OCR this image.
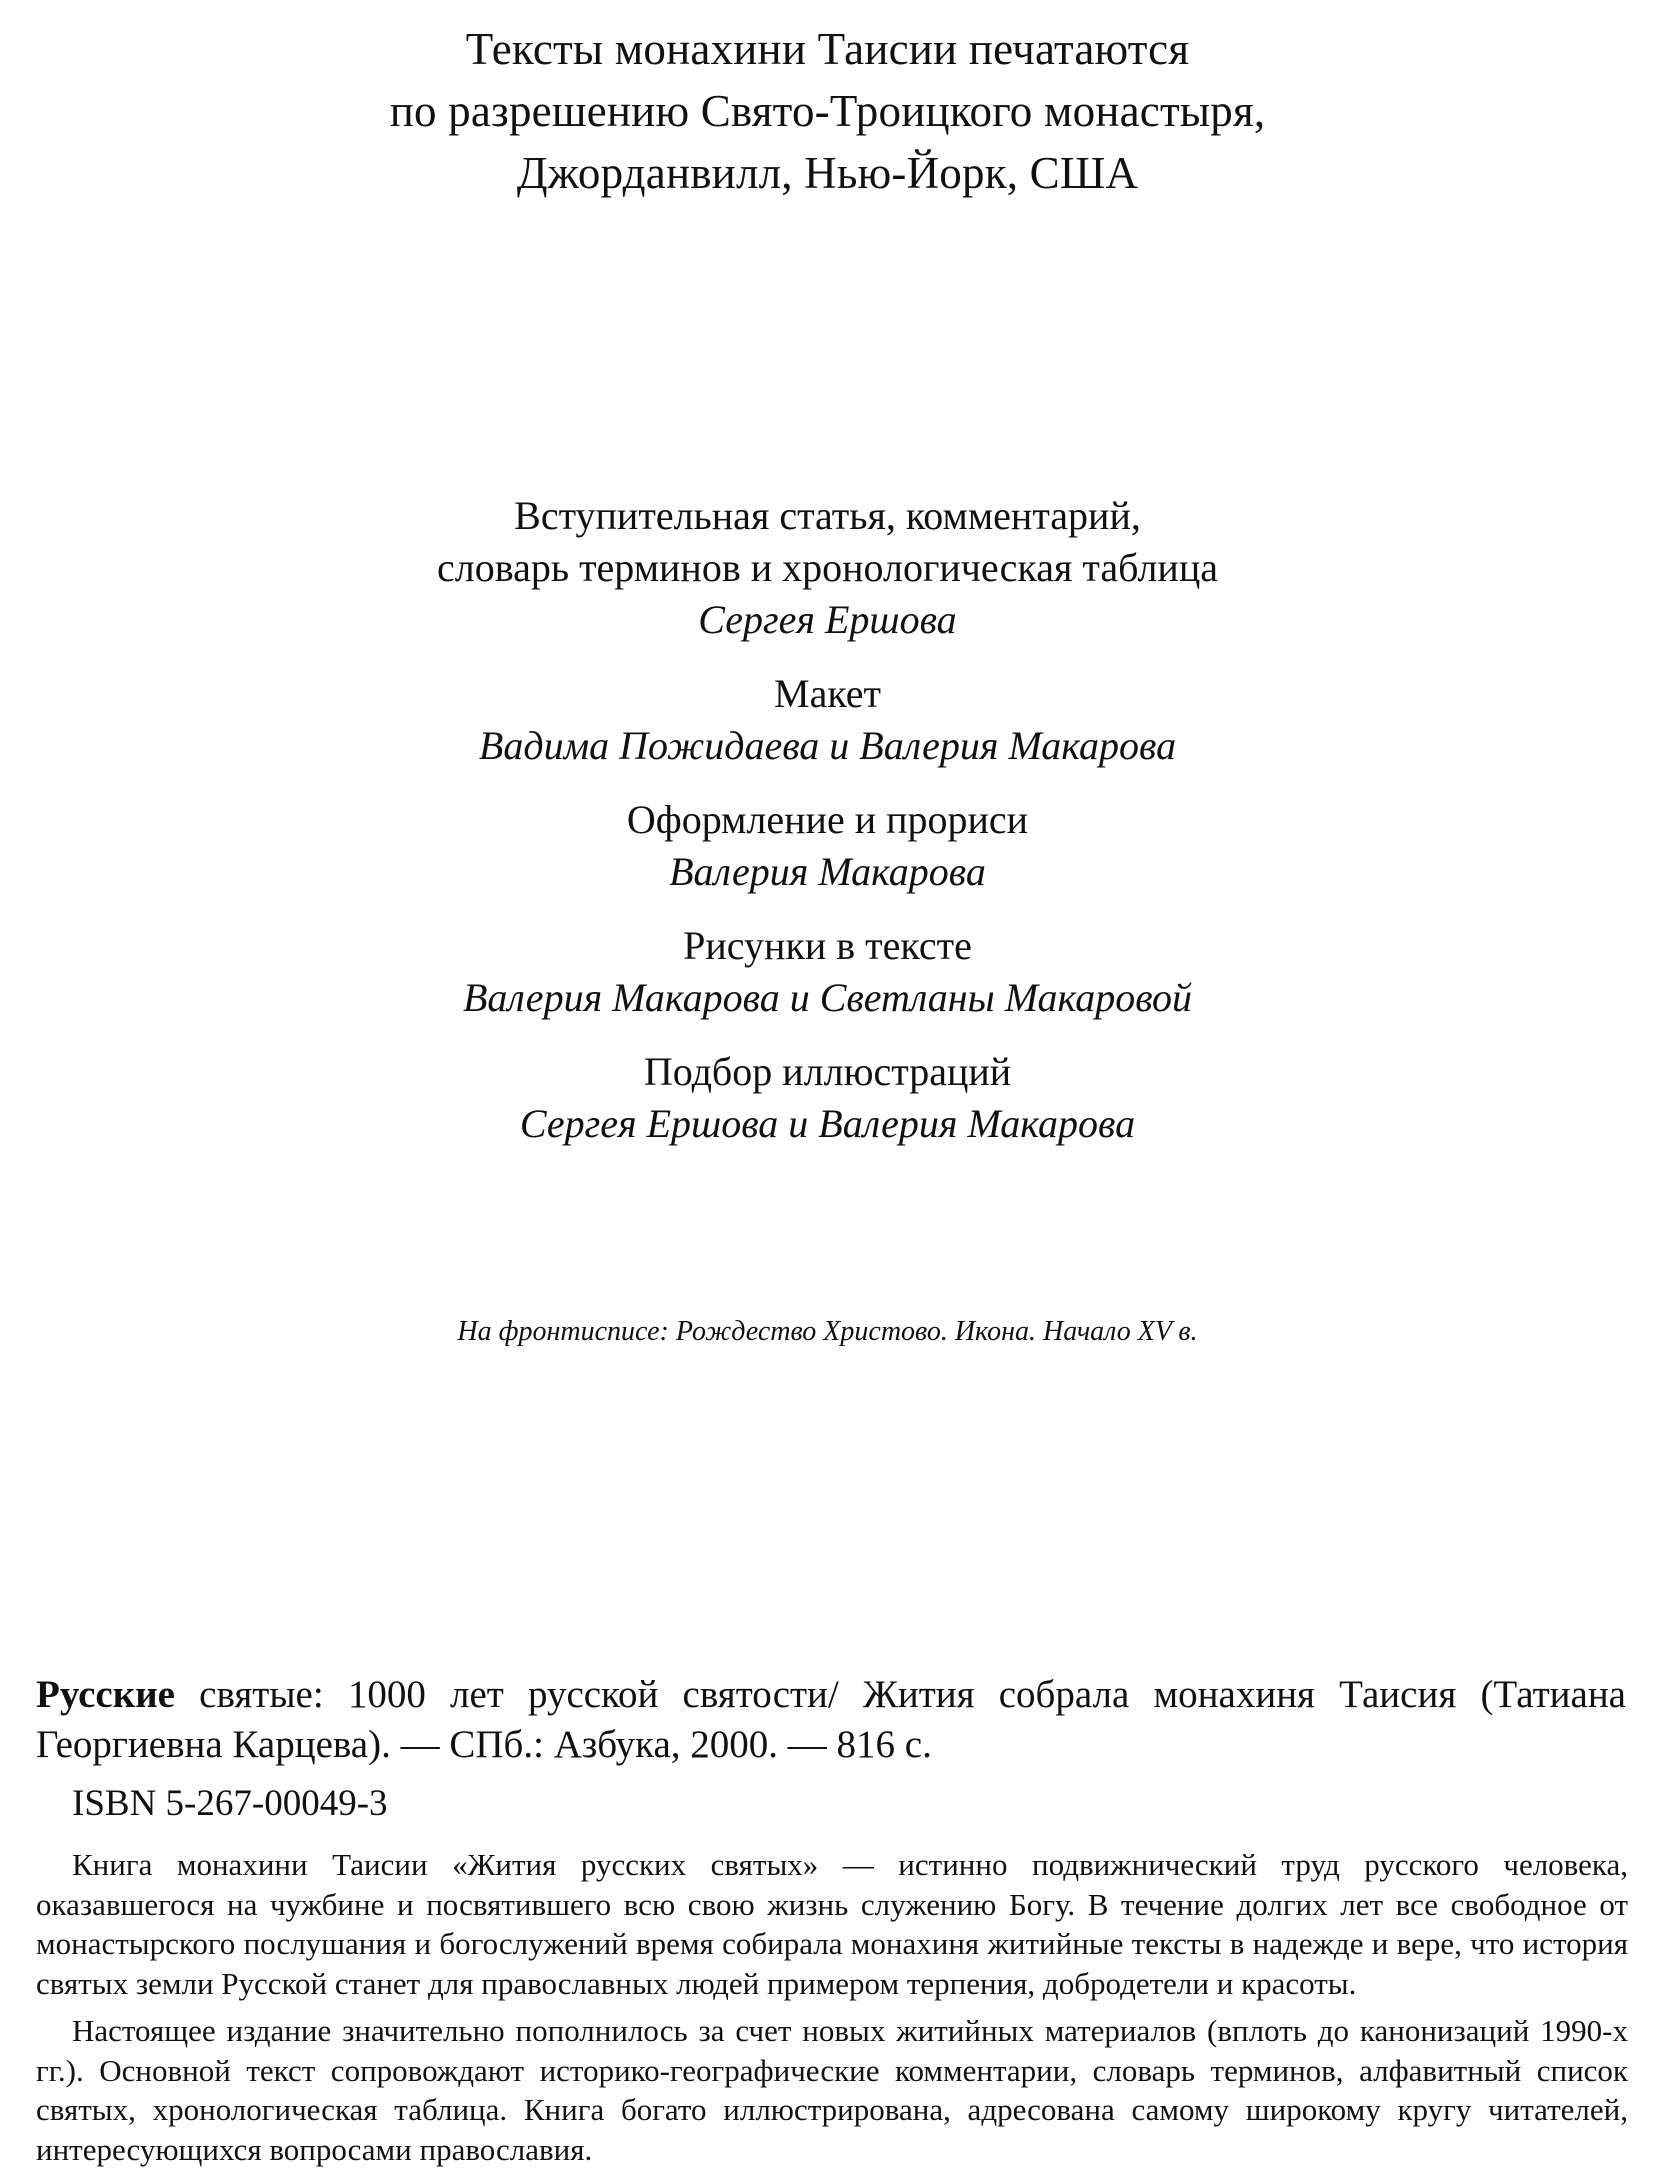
Тексты монахини Таисии печатаются
по разрешению Свято-Троицкого монастыря,
Джорданвилл, Нью-Йорк, США
Вступительная статья, комментарий,
словарь терминов и хронологическая таблица
Сергея Ершова
Макет
Вадима Пожидаева и Валерия Макарова
Оформление и прориси
Валерия Макарова
Рисунки в тексте
Валерия Макарова и Светланы Макаровой
Подбор иллюстраций
Сергея Ершова и Валерия Макарова
На фронтисписе: Рождество Христово. Икона. Начало XV в.
Русские святые: 1000 лет русской святости/ Жития собрала монахиня Таисия (Татиана Георгиевна Карцева). — СПб.: Азбука, 2000. — 816 с.
ISBN 5-267-00049-3

Книга монахини Таисии «Жития русских святых» — истинно подвижнический труд русского человека, оказавшегося на чужбине и посвятившего всю свою жизнь служению Богу. В течение долгих лет все свободное от монастырского послушания и богослужений время собирала монахиня житийные тексты в надежде и вере, что история святых земли Русской станет для православных людей примером терпения, добродетели и красоты.

Настоящее издание значительно пополнилось за счет новых житийных материалов (вплоть до канонизаций 1990-х гг.). Основной текст сопровождают историко-географические комментарии, словарь терминов, алфавитный список святых, хронологическая таблица. Книга богато иллюстрирована, адресована самому широкому кругу читателей, интересующихся вопросами православия.
